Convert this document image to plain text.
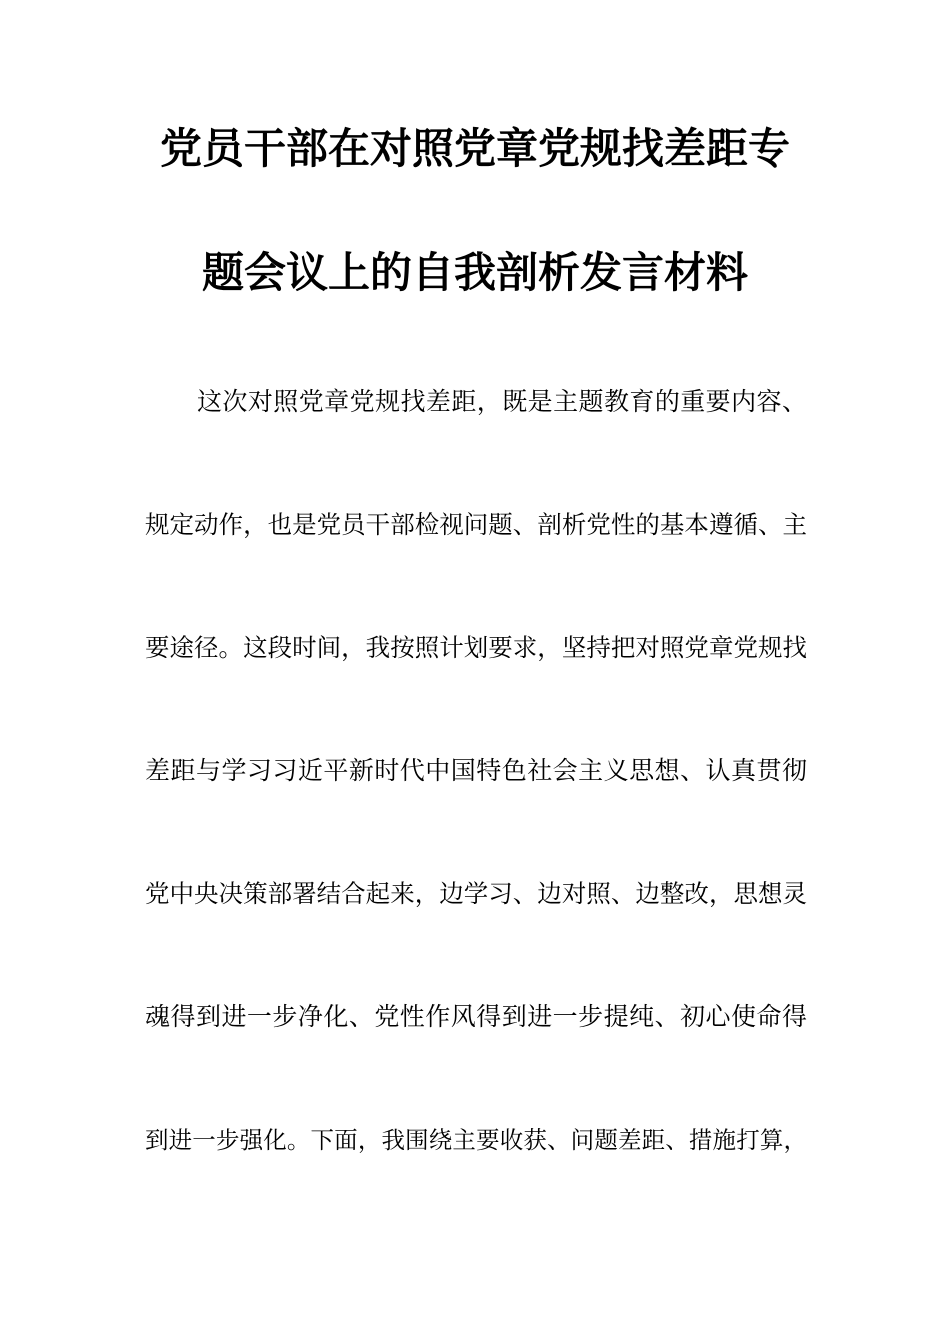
党员干部在对照党章党规找差距专
题会议上的自我剖析发言材料
这次对照党章党规找差距，既是主题教育的重要内容、
规定动作，也是党员干部检视问题、剖析党性的基本遵循、主
要途径。这段时间，我按照计划要求，坚持把对照党章党规找
差距与学习习近平新时代中国特色社会主义思想、认真贯彻
党中央决策部署结合起来，边学习、边对照、边整改，思想灵
魂得到进一步净化、党性作风得到进一步提纯、初心使命得
到进一步强化。下面，我围绕主要收获、问题差距、措施打算，
